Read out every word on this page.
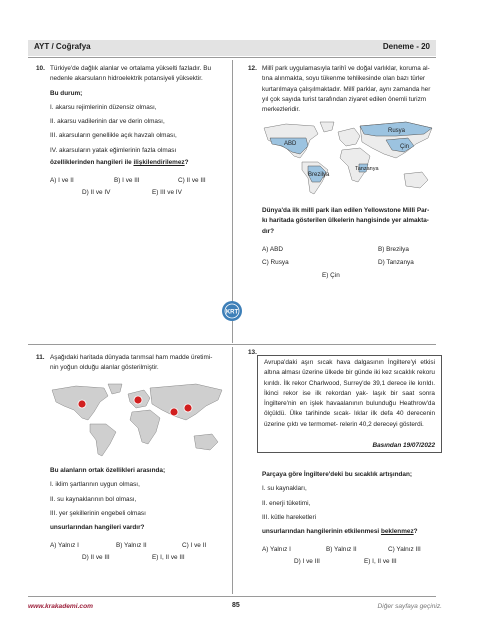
AYT / Coğrafya	Deneme - 20
10. Türkiye'de dağlık alanlar ve ortalama yükselti fazladır. Bu

nedenle akarsuların hidroelektrik potansiyeli yüksektir.

Bu durum;

I. akarsu rejimlerinin düzensiz olması,

II. akarsu vadilerinin dar ve derin olması,

III. akarsuların genellikle açık havzalı olması,

IV. akarsuların yatak eğimlerinin fazla olması

özelliklerinden hangileri ile ilişkilendirilemez?

A) I ve II	B) I ve III	C) II ve III
D) II ve IV	E) III ve IV
12. Millî park uygulamasıyla tarihî ve doğal varlıklar, koruma al-

tına alınmakta, soyu tükenme tehlikesinde olan bazı türler

kurtarılmaya çalışılmaktadır. Millî parklar, aynı zamanda her

yıl çok sayıda turist tarafından ziyaret edilen önemli turizm

merkezleridir.

ABD
Rusya
Çin
Brezilya
Tanzanya

Dünya'da ilk millî park ilan edilen Yellowstone Millî Par-

kı haritada gösterilen ülkelerin hangisinde yer almakta-

dır?

A) ABD	B) Brezilya
C) Rusya	D) Tanzanya
E) Çin
KRT
11. Aşağıdaki haritada dünyada tarımsal ham madde üretimi-

nin yoğun olduğu alanlar gösterilmiştir.

Bu alanların ortak özellikleri arasında;

I. iklim şartlarının uygun olması,

II. su kaynaklarının bol olması,

III. yer şekillerinin engebeli olması

unsurlarından hangileri vardır?

A) Yalnız I	B) Yalnız II	C) I ve II
D) II ve III	E) I, II ve III
13.

Avrupa'daki aşırı sıcak hava dalgasının İngiltere'yi etkisi altına alması üzerine ülkede bir günde iki kez sıcaklık rekoru kırıldı. İlk rekor Charlwood, Surrey'de 39,1 derece ile kırıldı. İkinci rekor ise ilk rekordan yak- laşık bir saat sonra İngiltere'nin en işlek havaalanının bulunduğu Heathrow'da ölçüldü. Ülke tarihinde sıcak- lıklar ilk defa 40 derecenin üzerine çıktı ve termomet- relerin 40,2 dereceyi gösterdi.

Basından 19/07/2022

Parçaya göre İngiltere'deki bu sıcaklık artışından;

I. su kaynakları,

II. enerji tüketimi,

III. kütle hareketleri

unsurlarından hangilerinin etkilenmesi beklenmez?

A) Yalnız I	B) Yalnız II	C) Yalnız III
D) I ve III	E) I, II ve III
www.krakademi.com	85	Diğer sayfaya geçiniz.
